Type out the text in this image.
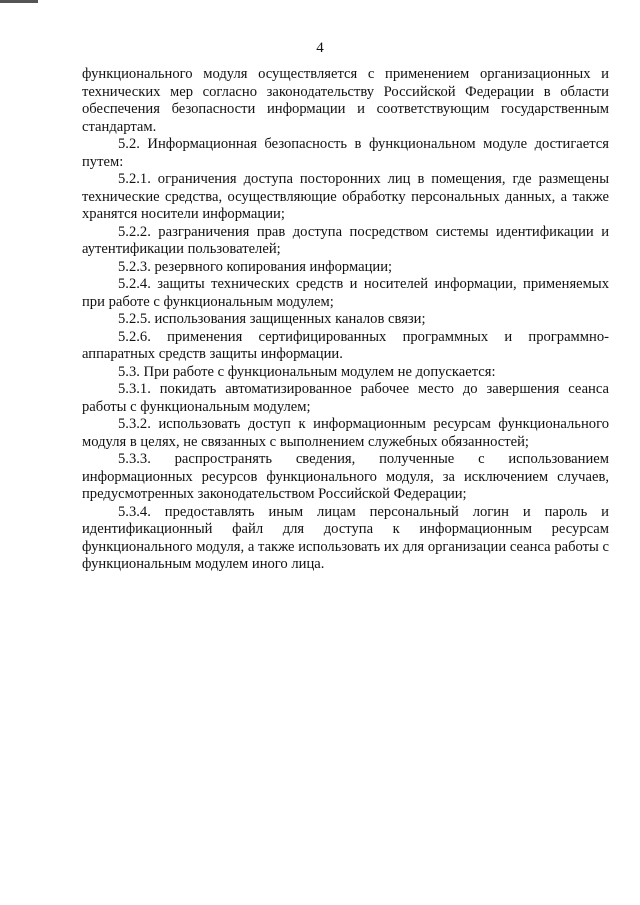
4

функционального модуля осуществляется с применением организационных и технических мер согласно законодательству Российской Федерации в области обеспечения безопасности информации и соответствующим государственным стандартам.

5.2. Информационная безопасность в функциональном модуле достигается путем:

5.2.1. ограничения доступа посторонних лиц в помещения, где размещены технические средства, осуществляющие обработку персональных данных, а также хранятся носители информации;

5.2.2. разграничения прав доступа посредством системы идентификации и аутентификации пользователей;

5.2.3. резервного копирования информации;

5.2.4. защиты технических средств и носителей информации, применяемых при работе с функциональным модулем;

5.2.5. использования защищенных каналов связи;

5.2.6. применения сертифицированных программных и программно-аппаратных средств защиты информации.

5.3. При работе с функциональным модулем не допускается:

5.3.1. покидать автоматизированное рабочее место до завершения сеанса работы с функциональным модулем;

5.3.2. использовать доступ к информационным ресурсам функционального модуля в целях, не связанных с выполнением служебных обязанностей;

5.3.3. распространять сведения, полученные с использованием информационных ресурсов функционального модуля, за исключением случаев, предусмотренных законодательством Российской Федерации;

5.3.4. предоставлять иным лицам персональный логин и пароль и идентификационный файл для доступа к информационным ресурсам функционального модуля, а также использовать их для организации сеанса работы с функциональным модулем иного лица.
